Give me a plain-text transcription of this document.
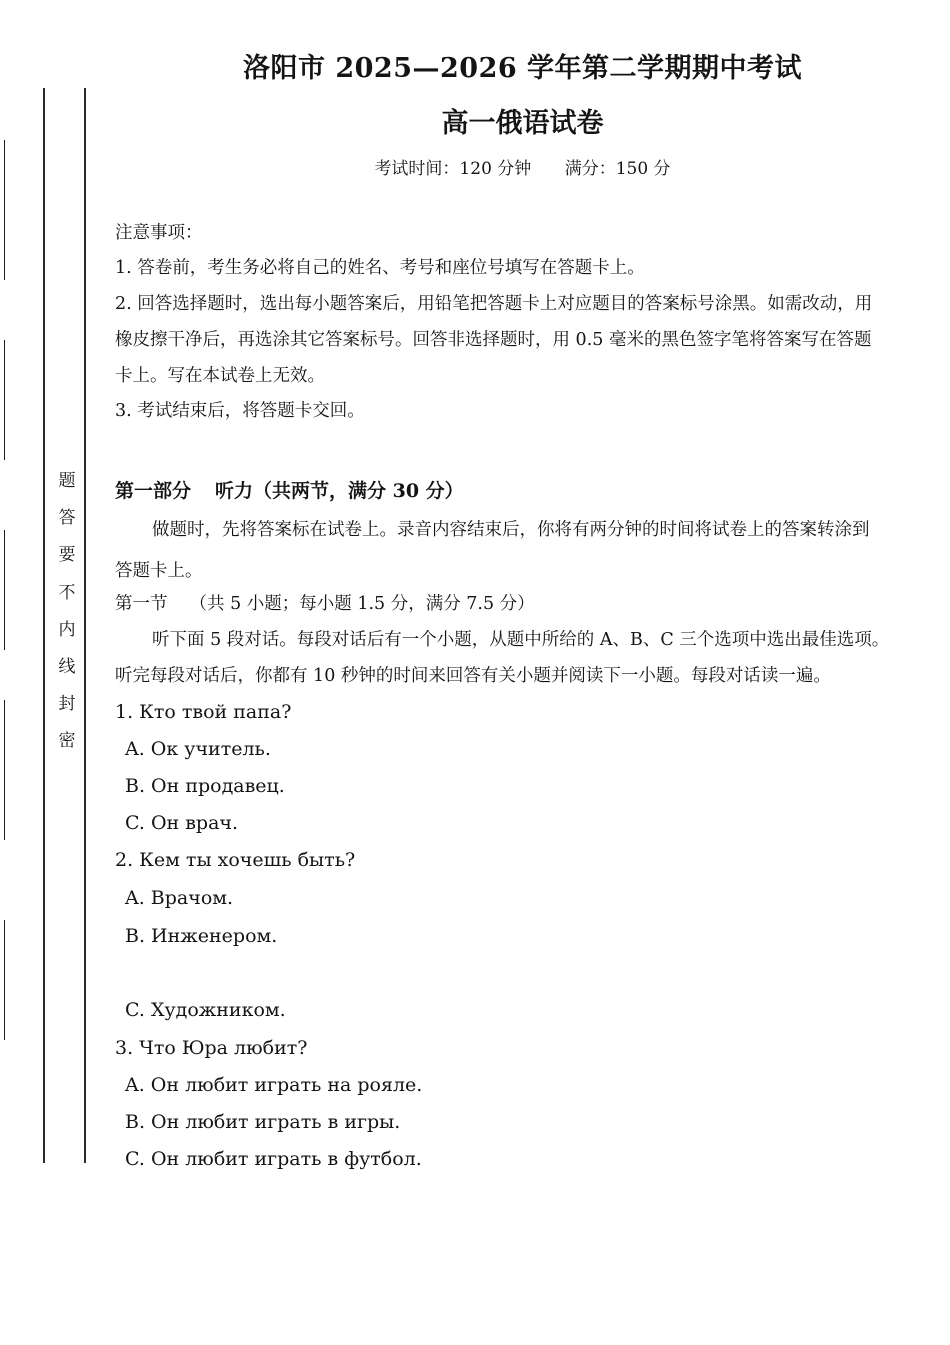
题
答
要
不
内
线
封
密
洛阳市 2025—2026 学年第二学期期中考试
高一俄语试卷
考试时间：120 分钟 满分：150 分
注意事项：
1. 答卷前，考生务必将自己的姓名、考号和座位号填写在答题卡上。
2. 回答选择题时，选出每小题答案后，用铅笔把答题卡上对应题目的答案标号涂黑。如需改动，用
橡皮擦干净后，再选涂其它答案标号。回答非选择题时，用 0.5 毫米的黑色签字笔将答案写在答题
卡上。写在本试卷上无效。
3. 考试结束后，将答题卡交回。
第一部分 听力（共两节，满分 30 分）
做题时，先将答案标在试卷上。录音内容结束后，你将有两分钟的时间将试卷上的答案转涂到
答题卡上。
第一节 （共 5 小题；每小题 1.5 分，满分 7.5 分）
听下面 5 段对话。每段对话后有一个小题，从题中所给的 A、B、C 三个选项中选出最佳选项。
听完每段对话后，你都有 10 秒钟的时间来回答有关小题并阅读下一小题。每段对话读一遍。
1. Кто твой папа?
A. Ок учитель.
B. Он продавец.
C. Он врач.
2. Кем ты хочешь быть?
A. Врачом.
B. Инженером.
C. Художником.
3. Что Юра любит?
A. Он любит играть на рояле.
B. Он любит играть в игры.
C. Он любит играть в футбол.
